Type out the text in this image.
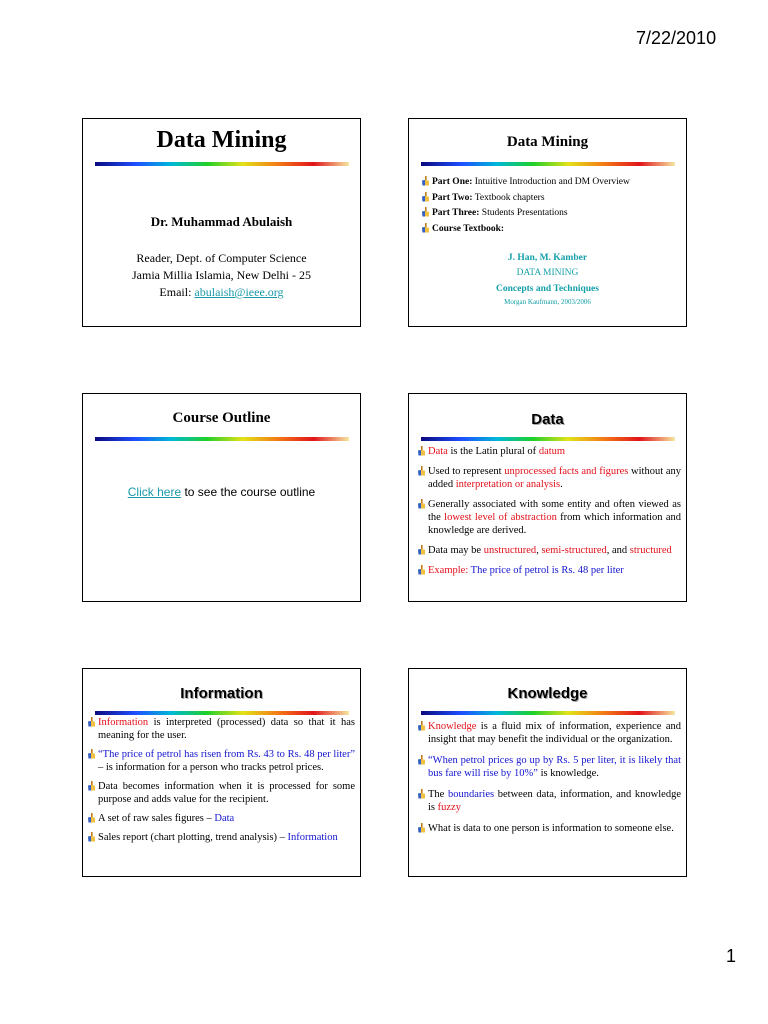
7/22/2010
Data Mining
Dr. Muhammad Abulaish
Reader, Dept. of Computer Science
Jamia Millia Islamia, New Delhi - 25
Email: abulaish@ieee.org
Data Mining
Part One: Intuitive Introduction and DM Overview
Part Two: Textbook chapters
Part Three: Students Presentations
Course Textbook:
J. Han, M. Kamber
DATA MINING
Concepts and Techniques
Morgan Kaufmann, 2003/2006
Course Outline
Click here to see the course outline
Data
Data is the Latin plural of datum
Used to represent unprocessed facts and figures without any added interpretation or analysis.
Generally associated with some entity and often viewed as the lowest level of abstraction from which information and knowledge are derived.
Data may be unstructured, semi-structured, and structured
Example: The price of petrol is Rs. 48 per liter
Information
Information is interpreted (processed) data so that it has meaning for the user.
“The price of petrol has risen from Rs. 43 to Rs. 48 per liter” – is information for a person who tracks petrol prices.
Data becomes information when it is processed for some purpose and adds value for the recipient.
A set of raw sales figures – Data
Sales report (chart plotting, trend analysis) – Information
Knowledge
Knowledge is a fluid mix of information, experience and insight that may benefit the individual or the organization.
“When petrol prices go up by Rs. 5 per liter, it is likely that bus fare will rise by 10%” is knowledge.
The boundaries between data, information, and knowledge is fuzzy
What is data to one person is information to someone else.
1
